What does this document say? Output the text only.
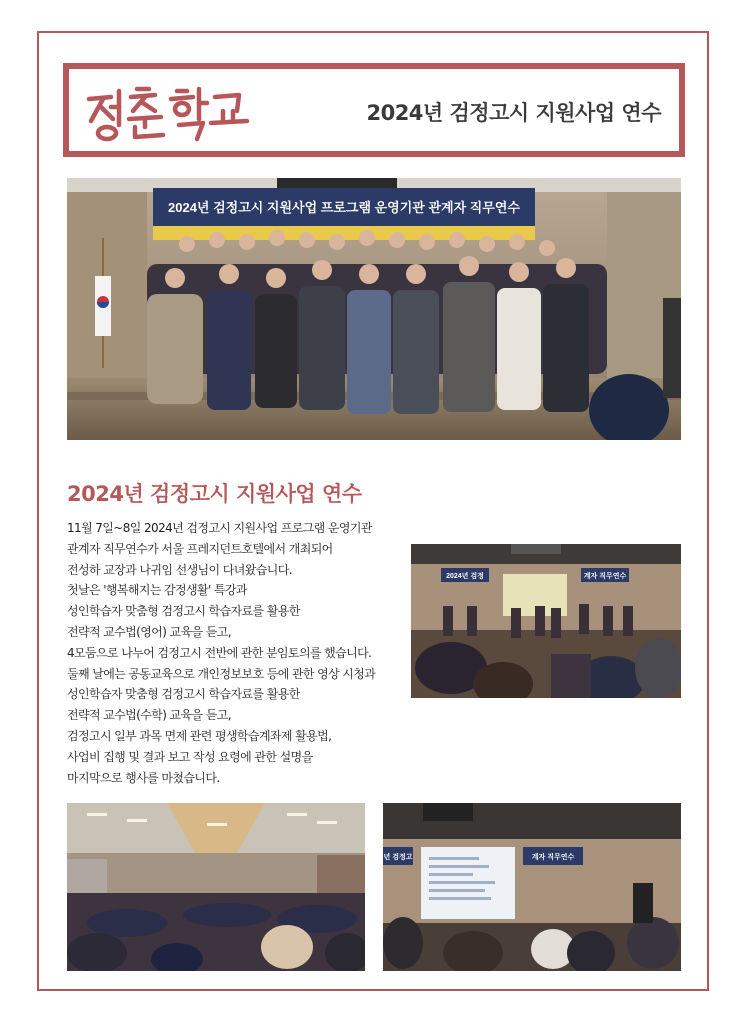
2024년 검정고시 지원사업 연수
2024년 검정고시 지원사업 프로그램 운영기관 관계자 직무연수
2024년 검정고시 지원사업 연수
11월 7일~8일 2024년 검정고시 지원사업 프로그램 운영기관
관계자 직무연수가 서울 프레지던트호텔에서 개최되어
전성하 교장과 나귀임 선생님이 다녀왔습니다.
첫날은 '행복해지는 감정생활' 특강과
성인학습자 맞춤형 검정고시 학습자료를 활용한
전략적 교수법(영어) 교육을 듣고,
4모둠으로 나누어 검정고시 전반에 관한 분임토의를 했습니다.
둘째 날에는 공동교육으로 개인정보보호 등에 관한 영상 시청과
성인학습자 맞춤형 검정고시 학습자료를 활용한
전략적 교수법(수학) 교육을 듣고,
검정고시 일부 과목 면제 관련 평생학습계좌제 활용법,
사업비 집행 및 결과 보고 작성 요령에 관한 설명을
마지막으로 행사를 마쳤습니다.
2024년 검정	계자 직무연수
년 검정고	계자 직무연수
